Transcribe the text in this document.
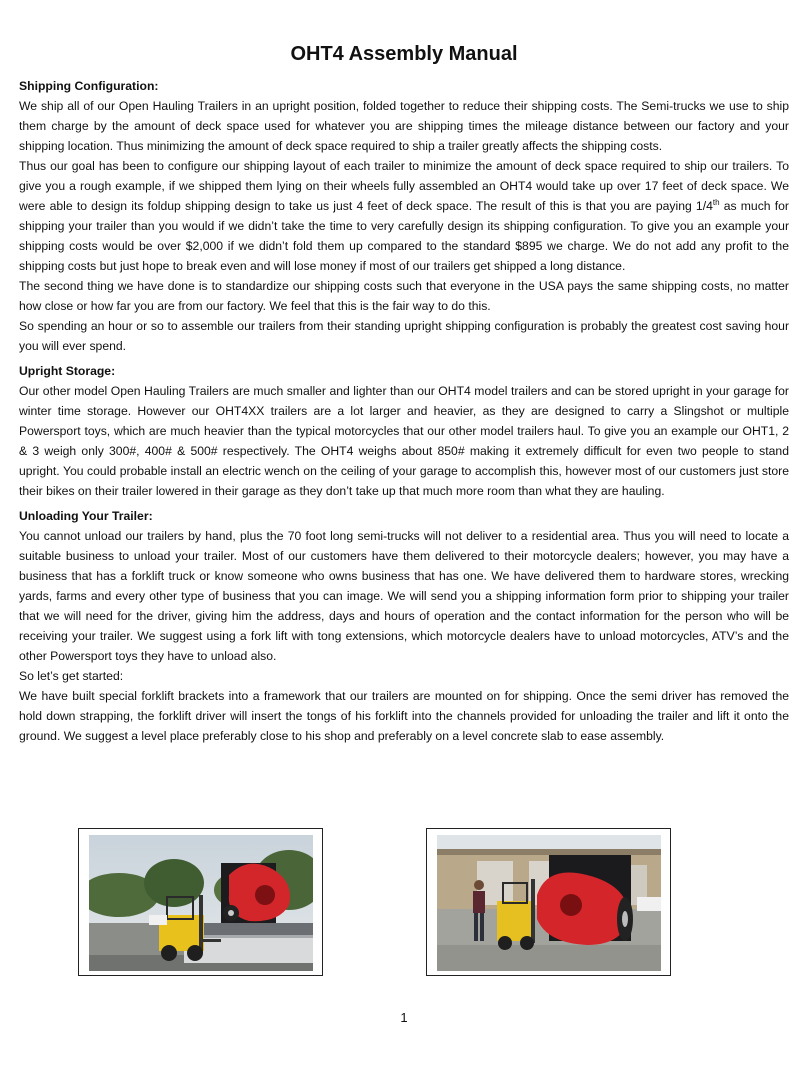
OHT4 Assembly Manual

Shipping Configuration:

We ship all of our Open Hauling Trailers in an upright position, folded together to reduce their shipping costs. The Semi-trucks we use to ship them charge by the amount of deck space used for whatever you are shipping times the mileage distance between our factory and your shipping location. Thus minimizing the amount of deck space required to ship a trailer greatly affects the shipping costs.

Thus our goal has been to configure our shipping layout of each trailer to minimize the amount of deck space required to ship our trailers. To give you a rough example, if we shipped them lying on their wheels fully assembled an OHT4 would take up over 17 feet of deck space. We were able to design its foldup shipping design to take us just 4 feet of deck space. The result of this is that you are paying 1/4th as much for shipping your trailer than you would if we didn’t take the time to very carefully design its shipping configuration. To give you an example your shipping costs would be over $2,000 if we didn’t fold them up compared to the standard $895 we charge. We do not add any profit to the shipping costs but just hope to break even and will lose money if most of our trailers get shipped a long distance.

The second thing we have done is to standardize our shipping costs such that everyone in the USA pays the same shipping costs, no matter how close or how far you are from our factory. We feel that this is the fair way to do this.

So spending an hour or so to assemble our trailers from their standing upright shipping configuration is probably the greatest cost saving hour you will ever spend.

Upright Storage:

Our other model Open Hauling Trailers are much smaller and lighter than our OHT4 model trailers and can be stored upright in your garage for winter time storage. However our OHT4XX trailers are a lot larger and heavier, as they are designed to carry a Slingshot or multiple Powersport toys, which are much heavier than the typical motorcycles that our other model trailers haul. To give you an example our OHT1, 2 & 3 weigh only 300#, 400# & 500# respectively. The OHT4 weighs about 850# making it extremely difficult for even two people to stand upright. You could probable install an electric wench on the ceiling of your garage to accomplish this, however most of our customers just store their bikes on their trailer lowered in their garage as they don’t take up that much more room than what they are hauling.

Unloading Your Trailer:

You cannot unload our trailers by hand, plus the 70 foot long semi-trucks will not deliver to a residential area. Thus you will need to locate a suitable business to unload your trailer. Most of our customers have them delivered to their motorcycle dealers; however, you may have a business that has a forklift truck or know someone who owns business that has one. We have delivered them to hardware stores, wrecking yards, farms and every other type of business that you can image. We will send you a shipping information form prior to shipping your trailer that we will need for the driver, giving him the address, days and hours of operation and the contact information for the person who will be receiving your trailer. We suggest using a fork lift with tong extensions, which motorcycle dealers have to unload motorcycles, ATV’s and the other Powersport toys they have to unload also.

So let’s get started:

We have built special forklift brackets into a framework that our trailers are mounted on for shipping. Once the semi driver has removed the hold down strapping, the forklift driver will insert the tongs of his forklift into the channels provided for unloading the trailer and lift it onto the ground. We suggest a level place preferably close to his shop and preferably on a level concrete slab to ease assembly.

1
